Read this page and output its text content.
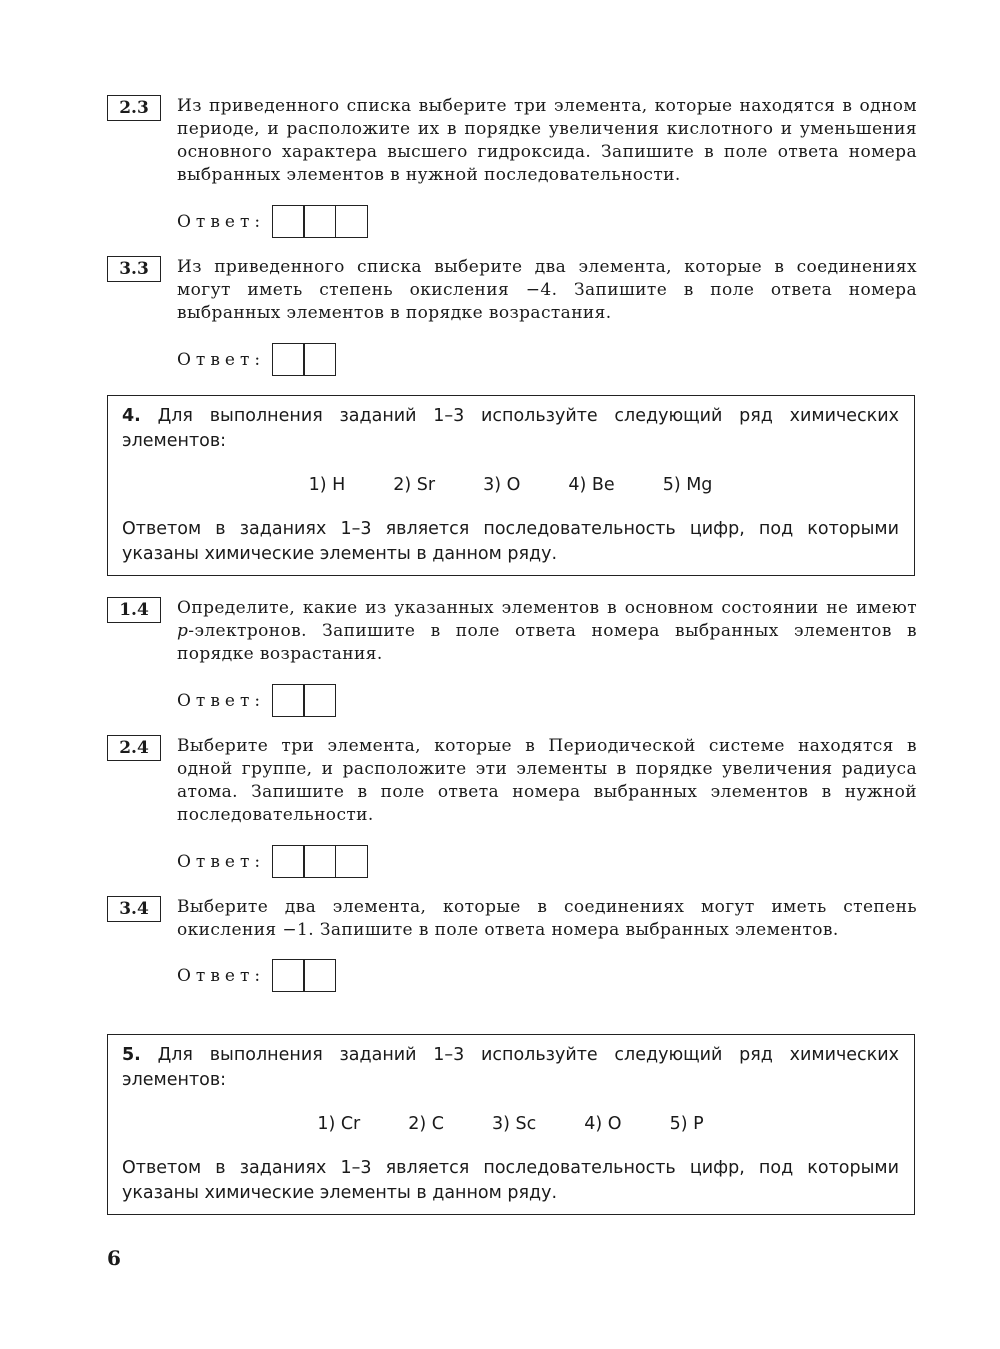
2.3	Из приведенного списка выберите три элемента, которые находятся в одном периоде, и расположите их в порядке увеличения кислотного и уменьшения основного характера высшего гидроксида. Запишите в поле ответа номера выбранных элементов в нужной последовательности.
Ответ:
3.3	Из приведенного списка выберите два элемента, которые в соединениях могут иметь степень окисления −4. Запишите в поле ответа номера выбранных элементов в порядке возрастания.
Ответ:
4. Для выполнения заданий 1–3 используйте следующий ряд химических элементов:
1) H	2) Sr	3) O	4) Be	5) Mg
Ответом в заданиях 1–3 является последовательность цифр, под которыми указаны химические элементы в данном ряду.
1.4	Определите, какие из указанных элементов в основном состоянии не имеют p-электронов. Запишите в поле ответа номера выбранных элементов в порядке возрастания.
Ответ:
2.4	Выберите три элемента, которые в Периодической системе находятся в одной группе, и расположите эти элементы в порядке увеличения радиуса атома. Запишите в поле ответа номера выбранных элементов в нужной последовательности.
Ответ:
3.4	Выберите два элемента, которые в соединениях могут иметь степень окисления −1. Запишите в поле ответа номера выбранных элементов.
Ответ:
5. Для выполнения заданий 1–3 используйте следующий ряд химических элементов:
1) Cr	2) C	3) Sc	4) O	5) P
Ответом в заданиях 1–3 является последовательность цифр, под которыми указаны химические элементы в данном ряду.
6
